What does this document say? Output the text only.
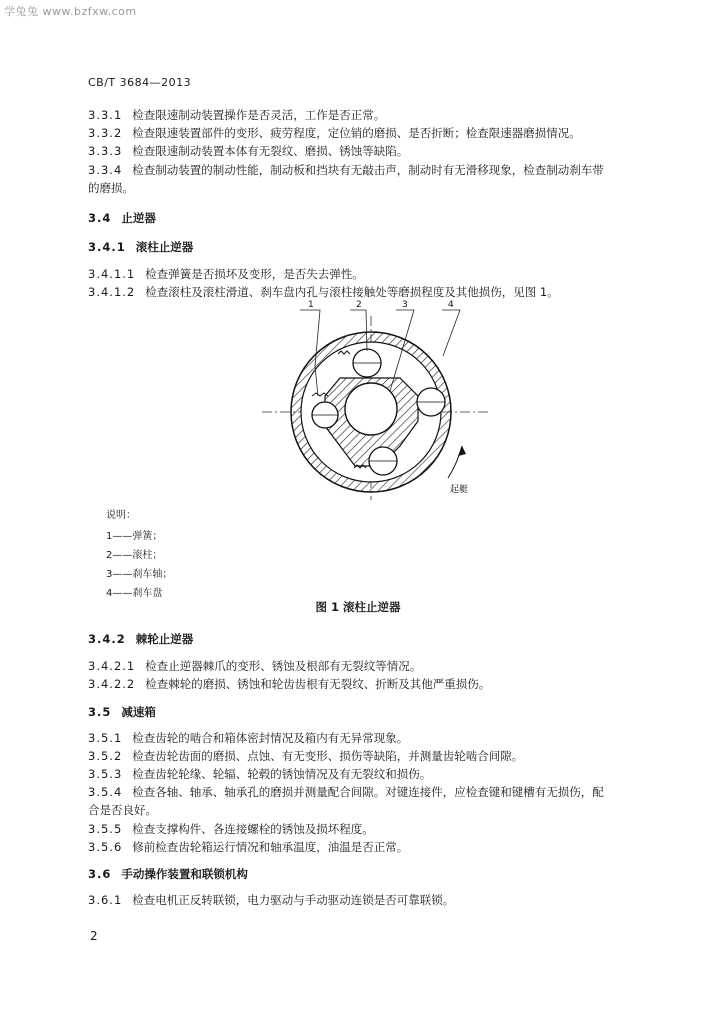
学兔兔 www.bzfxw.com
CB/T 3684—2013
3.3.1 检查限速制动装置操作是否灵活，工作是否正常。
3.3.2 检查限速装置部件的变形、疲劳程度，定位销的磨损、是否折断；检查限速器磨损情况。
3.3.3 检查限速制动装置本体有无裂纹、磨损、锈蚀等缺陷。
3.3.4 检查制动装置的制动性能，制动板和挡块有无敲击声，制动时有无滑移现象，检查制动刹车带
的磨损。
3.4 止逆器
3.4.1 滚柱止逆器
3.4.1.1 检查弹簧是否损坏及变形，是否失去弹性。
3.4.1.2 检查滚柱及滚柱滑道、刹车盘内孔与滚柱接触处等磨损程度及其他损伤，见图 1。
1	2	3	4
起艇
说明：
1——弹簧；
2——滚柱；
3——刹车轴；
4——刹车盘
图 1 滚柱止逆器
3.4.2 棘轮止逆器
3.4.2.1 检查止逆器棘爪的变形、锈蚀及根部有无裂纹等情况。
3.4.2.2 检查棘轮的磨损、锈蚀和轮齿齿根有无裂纹、折断及其他严重损伤。
3.5 减速箱
3.5.1 检查齿轮的啮合和箱体密封情况及箱内有无异常现象。
3.5.2 检查齿轮齿面的磨损、点蚀、有无变形、损伤等缺陷，并测量齿轮啮合间隙。
3.5.3 检查齿轮轮缘、轮辐、轮毂的锈蚀情况及有无裂纹和损伤。
3.5.4 检查各轴、轴承、轴承孔的磨损并测量配合间隙。对键连接件，应检查键和键槽有无损伤，配
合是否良好。
3.5.5 检查支撑构件、各连接螺栓的锈蚀及损坏程度。
3.5.6 修前检查齿轮箱运行情况和轴承温度，油温是否正常。
3.6 手动操作装置和联锁机构
3.6.1 检查电机正反转联锁，电力驱动与手动驱动连锁是否可靠联锁。
2
